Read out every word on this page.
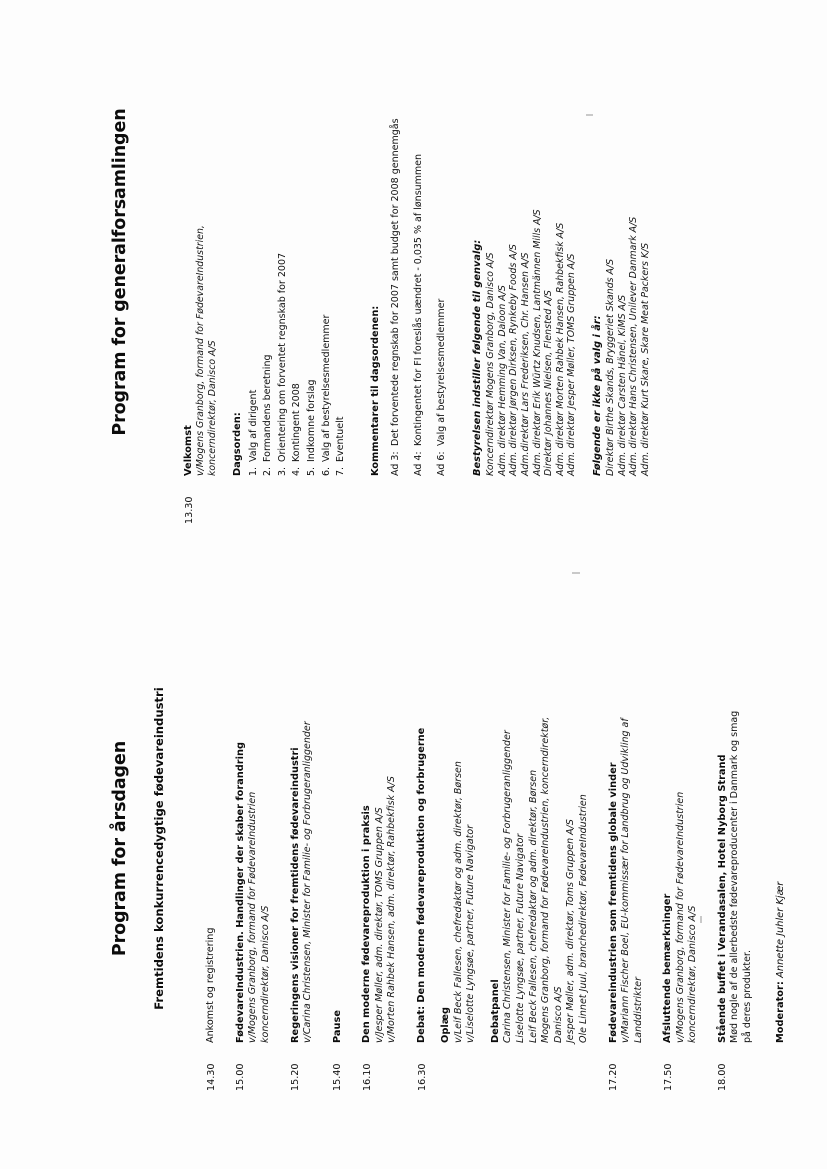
Program for årsdagen Fremtidens konkurrencedygtige fødevareindustri
14.30

Ankomst og registrering

15.00

FødevareIndustrien. Handlinger der skaber forandring v/Mogens Granborg, formand for FødevareIndustrien koncerndirektør, Danisco A/S

15.20

Regeringens visioner for fremtidens fødevareindustri v/Carina Christensen, Minister for Familie- og Forbrugeranliggender

15.40

Pause

16.10

Den moderne fødevareproduktion i praksis v/Jesper Møller, adm. direktør, TOMS Gruppen A/S v/Morten Rahbek Hansen, adm. direktør, Rahbekfisk A/S

16.30

Debat: Den moderne fødevareproduktion og forbrugerne Oplæg v/Leif Beck Fallesen, chefredaktør og adm. direktør, Børsen v/Liselotte Lyngsøe, partner, Future Navigator Debatpanel Carina Christensen, Minister for Familie- og Forbrugeranliggender Liselotte Lyngsøe, partner, Future Navigator Leif Beck Fallesen, chefredaktør og adm. direktør, Børsen Mogens Granborg, formand for FødevareIndustrien, koncerndirektør, Danisco A/S Jesper Møller, adm. direktør, Toms Gruppen A/S Ole Linnet Juul, branchedirektør, FødevareIndustrien

17.20

Fødevareindustrien som fremtidens globale vinder v/Mariann Fischer Boel, EU-kommissær for Landbrug og Udvikling af Landdistrikter

17.50

Afsluttende bemærkninger v/Mogens Granborg, formand for FødevareIndustrien koncerndirektør, Danisco A/S

18.00

Stående buffet i Verandasalen, Hotel Nyborg Strand Mød nogle af de allerbedste fødevareproducenter i Danmark og smag på deres produkter. Moderator: Annette Juhler Kjær

Program for generalforsamlingen
13.30

Velkomst v/Mogens Granborg, formand for FødevareIndustrien, koncerndirektør, Danisco A/S Dagsorden: 1.Valg af dirigent
2.Formandens beretning
3.Orientering om forventet regnskab for 2007
4.Kontingent 2008
5.Indkomne forslag
6.Valg af bestyrelsesmedlemmer
7.Eventuelt Kommentarer til dagsordenen: Ad 3:
Det forventede regnskab for 2007 samt budget for 2008 gennemgås
Ad 4:
Kontingentet for FI foreslås uændret - 0,035 % af lønsummen
Ad 6:
Valg af bestyrelsesmedlemmer	Bestyrelsen indstiller følgende til genvalg: Koncerndirektør Mogens Granborg, Danisco A/S Adm. direktør Hemming Van, Daloon A/S Adm. direktør Jørgen Dirksen, Rynkeby Foods A/S Adm.direktør Lars Frederiksen, Chr. Hansen A/S Adm. direktør Erik Würtz Knudsen, Lantmännen Mills A/S Direktør Johannes Nielsen, Flensted A/S Adm. direktør Morten Rahbek Hansen, Rahbekfisk A/S Adm. direktør Jesper Møller, TOMS Gruppen A/S Følgende er ikke på valg i år: Direktør Birthe Skands, Bryggeriet Skands A/S Adm. direktør Carsten Hänel, KiMS A/S Adm. direktør Hans Christensen, Unilever Danmark A/S Adm. direktør Kurt Skare, Skare Meat Packers K/S
